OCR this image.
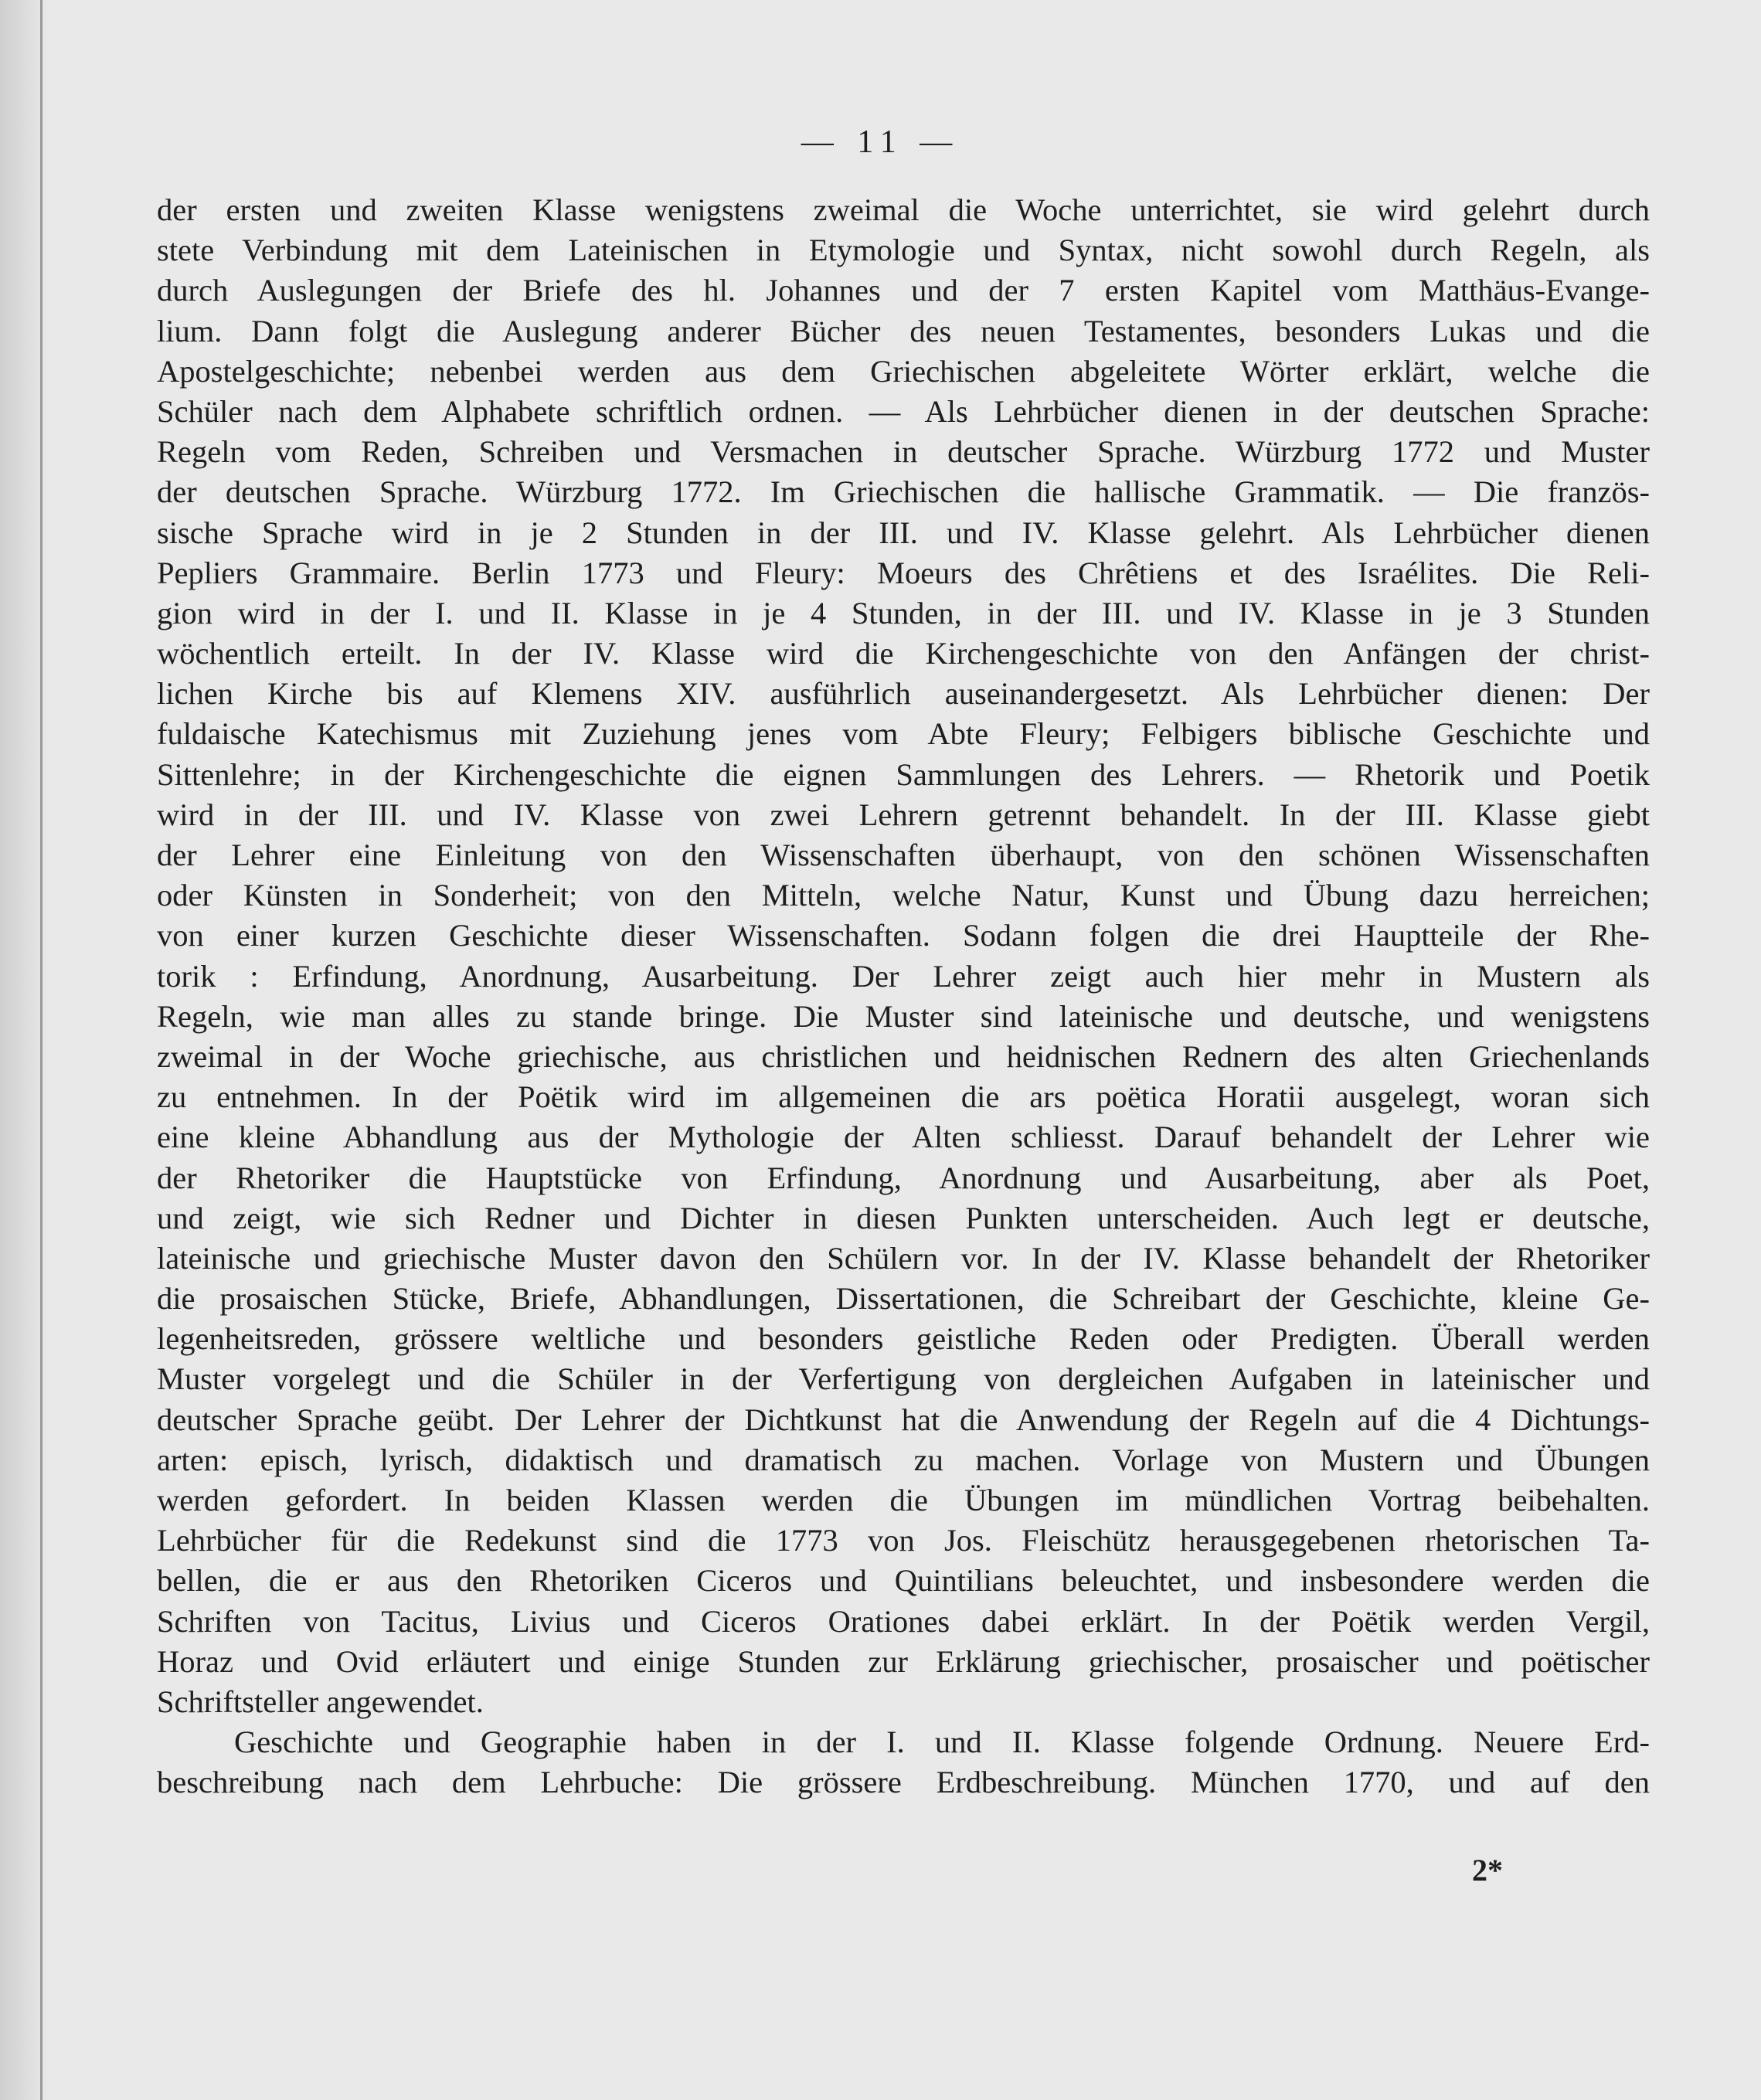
— 11 —
der ersten und zweiten Klasse wenigstens zweimal die Woche unterrichtet, sie wird gelehrt durch
stete Verbindung mit dem Lateinischen in Etymologie und Syntax, nicht sowohl durch Regeln, als
durch Auslegungen der Briefe des hl. Johannes und der 7 ersten Kapitel vom Matthäus-Evange-
lium. Dann folgt die Auslegung anderer Bücher des neuen Testamentes, besonders Lukas und die
Apostelgeschichte; nebenbei werden aus dem Griechischen abgeleitete Wörter erklärt, welche die
Schüler nach dem Alphabete schriftlich ordnen. — Als Lehrbücher dienen in der deutschen Sprache:
Regeln vom Reden, Schreiben und Versmachen in deutscher Sprache. Würzburg 1772 und Muster
der deutschen Sprache. Würzburg 1772. Im Griechischen die hallische Grammatik. — Die französ-
sische Sprache wird in je 2 Stunden in der III. und IV. Klasse gelehrt. Als Lehrbücher dienen
Pepliers Grammaire. Berlin 1773 und Fleury: Moeurs des Chrêtiens et des Israélites. Die Reli-
gion wird in der I. und II. Klasse in je 4 Stunden, in der III. und IV. Klasse in je 3 Stunden
wöchentlich erteilt. In der IV. Klasse wird die Kirchengeschichte von den Anfängen der christ-
lichen Kirche bis auf Klemens XIV. ausführlich auseinandergesetzt. Als Lehrbücher dienen: Der
fuldaische Katechismus mit Zuziehung jenes vom Abte Fleury; Felbigers biblische Geschichte und
Sittenlehre; in der Kirchengeschichte die eignen Sammlungen des Lehrers. — Rhetorik und Poetik
wird in der III. und IV. Klasse von zwei Lehrern getrennt behandelt. In der III. Klasse giebt
der Lehrer eine Einleitung von den Wissenschaften überhaupt, von den schönen Wissenschaften
oder Künsten in Sonderheit; von den Mitteln, welche Natur, Kunst und Übung dazu herreichen;
von einer kurzen Geschichte dieser Wissenschaften. Sodann folgen die drei Hauptteile der Rhe-
torik : Erfindung, Anordnung, Ausarbeitung. Der Lehrer zeigt auch hier mehr in Mustern als
Regeln, wie man alles zu stande bringe. Die Muster sind lateinische und deutsche, und wenigstens
zweimal in der Woche griechische, aus christlichen und heidnischen Rednern des alten Griechenlands
zu entnehmen. In der Poëtik wird im allgemeinen die ars poëtica Horatii ausgelegt, woran sich
eine kleine Abhandlung aus der Mythologie der Alten schliesst. Darauf behandelt der Lehrer wie
der Rhetoriker die Hauptstücke von Erfindung, Anordnung und Ausarbeitung, aber als Poet,
und zeigt, wie sich Redner und Dichter in diesen Punkten unterscheiden. Auch legt er deutsche,
lateinische und griechische Muster davon den Schülern vor. In der IV. Klasse behandelt der Rhetoriker
die prosaischen Stücke, Briefe, Abhandlungen, Dissertationen, die Schreibart der Geschichte, kleine Ge-
legenheitsreden, grössere weltliche und besonders geistliche Reden oder Predigten. Überall werden
Muster vorgelegt und die Schüler in der Verfertigung von dergleichen Aufgaben in lateinischer und
deutscher Sprache geübt. Der Lehrer der Dichtkunst hat die Anwendung der Regeln auf die 4 Dichtungs-
arten: episch, lyrisch, didaktisch und dramatisch zu machen. Vorlage von Mustern und Übungen
werden gefordert. In beiden Klassen werden die Übungen im mündlichen Vortrag beibehalten.
Lehrbücher für die Redekunst sind die 1773 von Jos. Fleischütz herausgegebenen rhetorischen Ta-
bellen, die er aus den Rhetoriken Ciceros und Quintilians beleuchtet, und insbesondere werden die
Schriften von Tacitus, Livius und Ciceros Orationes dabei erklärt. In der Poëtik werden Vergil,
Horaz und Ovid erläutert und einige Stunden zur Erklärung griechischer, prosaischer und poëtischer
Schriftsteller angewendet.
Geschichte und Geographie haben in der I. und II. Klasse folgende Ordnung. Neuere Erd-
beschreibung nach dem Lehrbuche: Die grössere Erdbeschreibung. München 1770, und auf den
2*
